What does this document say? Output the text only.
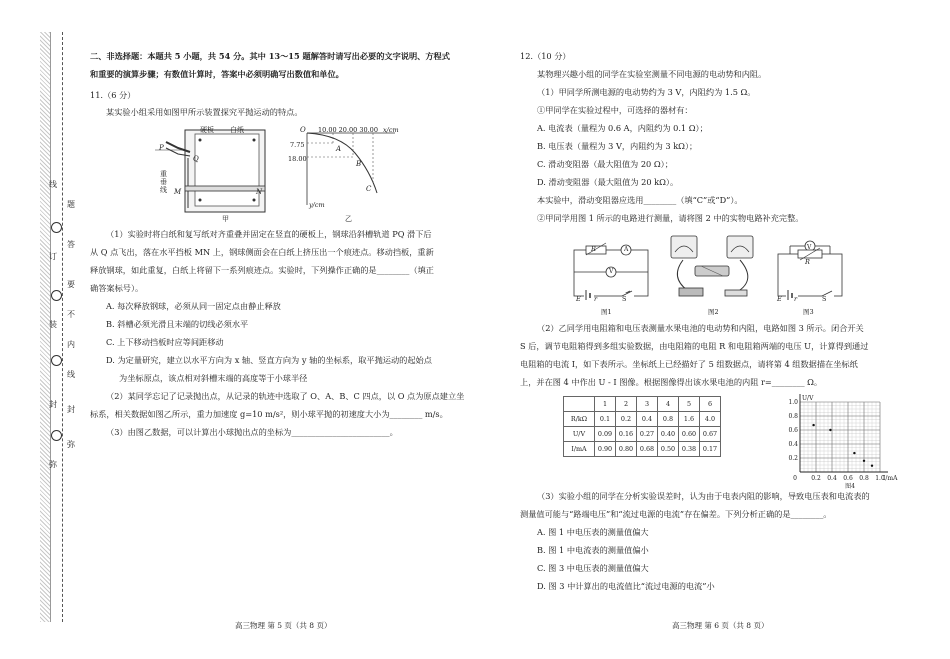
线
订
装
封
弥
题
答
要
不
内
线
封
弥
二、非选择题：本题共 5 小题，共 54 分。其中 13～15 题解答时请写出必要的文字说明、方程式
和重要的演算步骤；有数值计算时，答案中必须明确写出数值和单位。
11.（6 分）
某实验小组采用如图甲所示装置探究平抛运动的特点。
硬板 白纸
P
Q
重
垂
线 M	N
甲
O 10.00 20.00 30.00 x/cm
7.75
18.00
A
B
C
y/cm
乙
（1）实验时将白纸和复写纸对齐重叠并固定在竖直的硬板上，钢球沿斜槽轨道 PQ 滑下后
从 Q 点飞出，落在水平挡板 MN 上，钢球侧面会在白纸上挤压出一个痕迹点。移动挡板，重新
释放钢球，如此重复，白纸上将留下一系列痕迹点。实验时，下列操作正确的是________（填正
确答案标号）。
A. 每次释放钢球，必须从同一固定点由静止释放
B. 斜槽必须光滑且末端的切线必须水平
C. 上下移动挡板时应等间距移动
D. 为定量研究，建立以水平方向为 x 轴、竖直方向为 y 轴的坐标系，取平抛运动的起始点
为坐标原点，该点相对斜槽末端的高度等于小球半径
（2）某同学忘记了记录抛出点，从记录的轨迹中选取了 O、A、B、C 四点，以 O 点为原点建立坐
标系，相关数据如图乙所示，重力加速度 g=10 m/s²，则小球平抛的初速度大小为________ m/s。
（3）由图乙数据，可以计算出小球抛出点的坐标为________________________。
高三物理 第 5 页（共 8 页）
12.（10 分）
某物理兴趣小组的同学在实验室测量不同电源的电动势和内阻。
（1）甲同学所测电源的电动势约为 3 V，内阻约为 1.5 Ω。
①甲同学在实验过程中，可选择的器材有：
A. 电流表（量程为 0.6 A，内阻约为 0.1 Ω）；
B. 电压表（量程为 3 V，内阻约为 3 kΩ）；
C. 滑动变阻器（最大阻值为 20 Ω）；
D. 滑动变阻器（最大阻值为 20 kΩ）。
本实验中，滑动变阻器应选用________（填“C”或“D”）。
②甲同学用图 1 所示的电路进行测量，请将图 2 中的实物电路补充完整。
R	A
V
E r	S
图1	图2
V
R
E r	S
图3
（2）乙同学用电阻箱和电压表测量水果电池的电动势和内阻，电路如图 3 所示。闭合开关
S 后，调节电阻箱得到多组实验数据，由电阻箱的电阻 R 和电阻箱两端的电压 U，计算得到通过
电阻箱的电流 I，如下表所示。坐标纸上已经描好了 5 组数据点，请将第 4 组数据描在坐标纸
上，并在图 4 中作出 U - I 图像。根据图像得出该水果电池的内阻 r=________ Ω。
	1	2	3	4	5	6
R/kΩ	0.1	0.2	0.4	0.8	1.6	4.0
U/V	0.09	0.16	0.27	0.40	0.60	0.67
I/mA	0.90	0.80	0.68	0.50	0.38	0.17
0.2 0.4 0.6 0.8 1.0
0.2
0.4
0.6
0.8
1.0
0	I/mA
U/V
图4
（3）实验小组的同学在分析实验误差时，认为由于电表内阻的影响，导致电压表和电流表的
测量值可能与“路端电压”和“流过电源的电流”存在偏差。下列分析正确的是________。
A. 图 1 中电压表的测量值偏大
B. 图 1 中电流表的测量值偏小
C. 图 3 中电压表的测量值偏大
D. 图 3 中计算出的电流值比“流过电源的电流”小
高三物理 第 6 页（共 8 页）
